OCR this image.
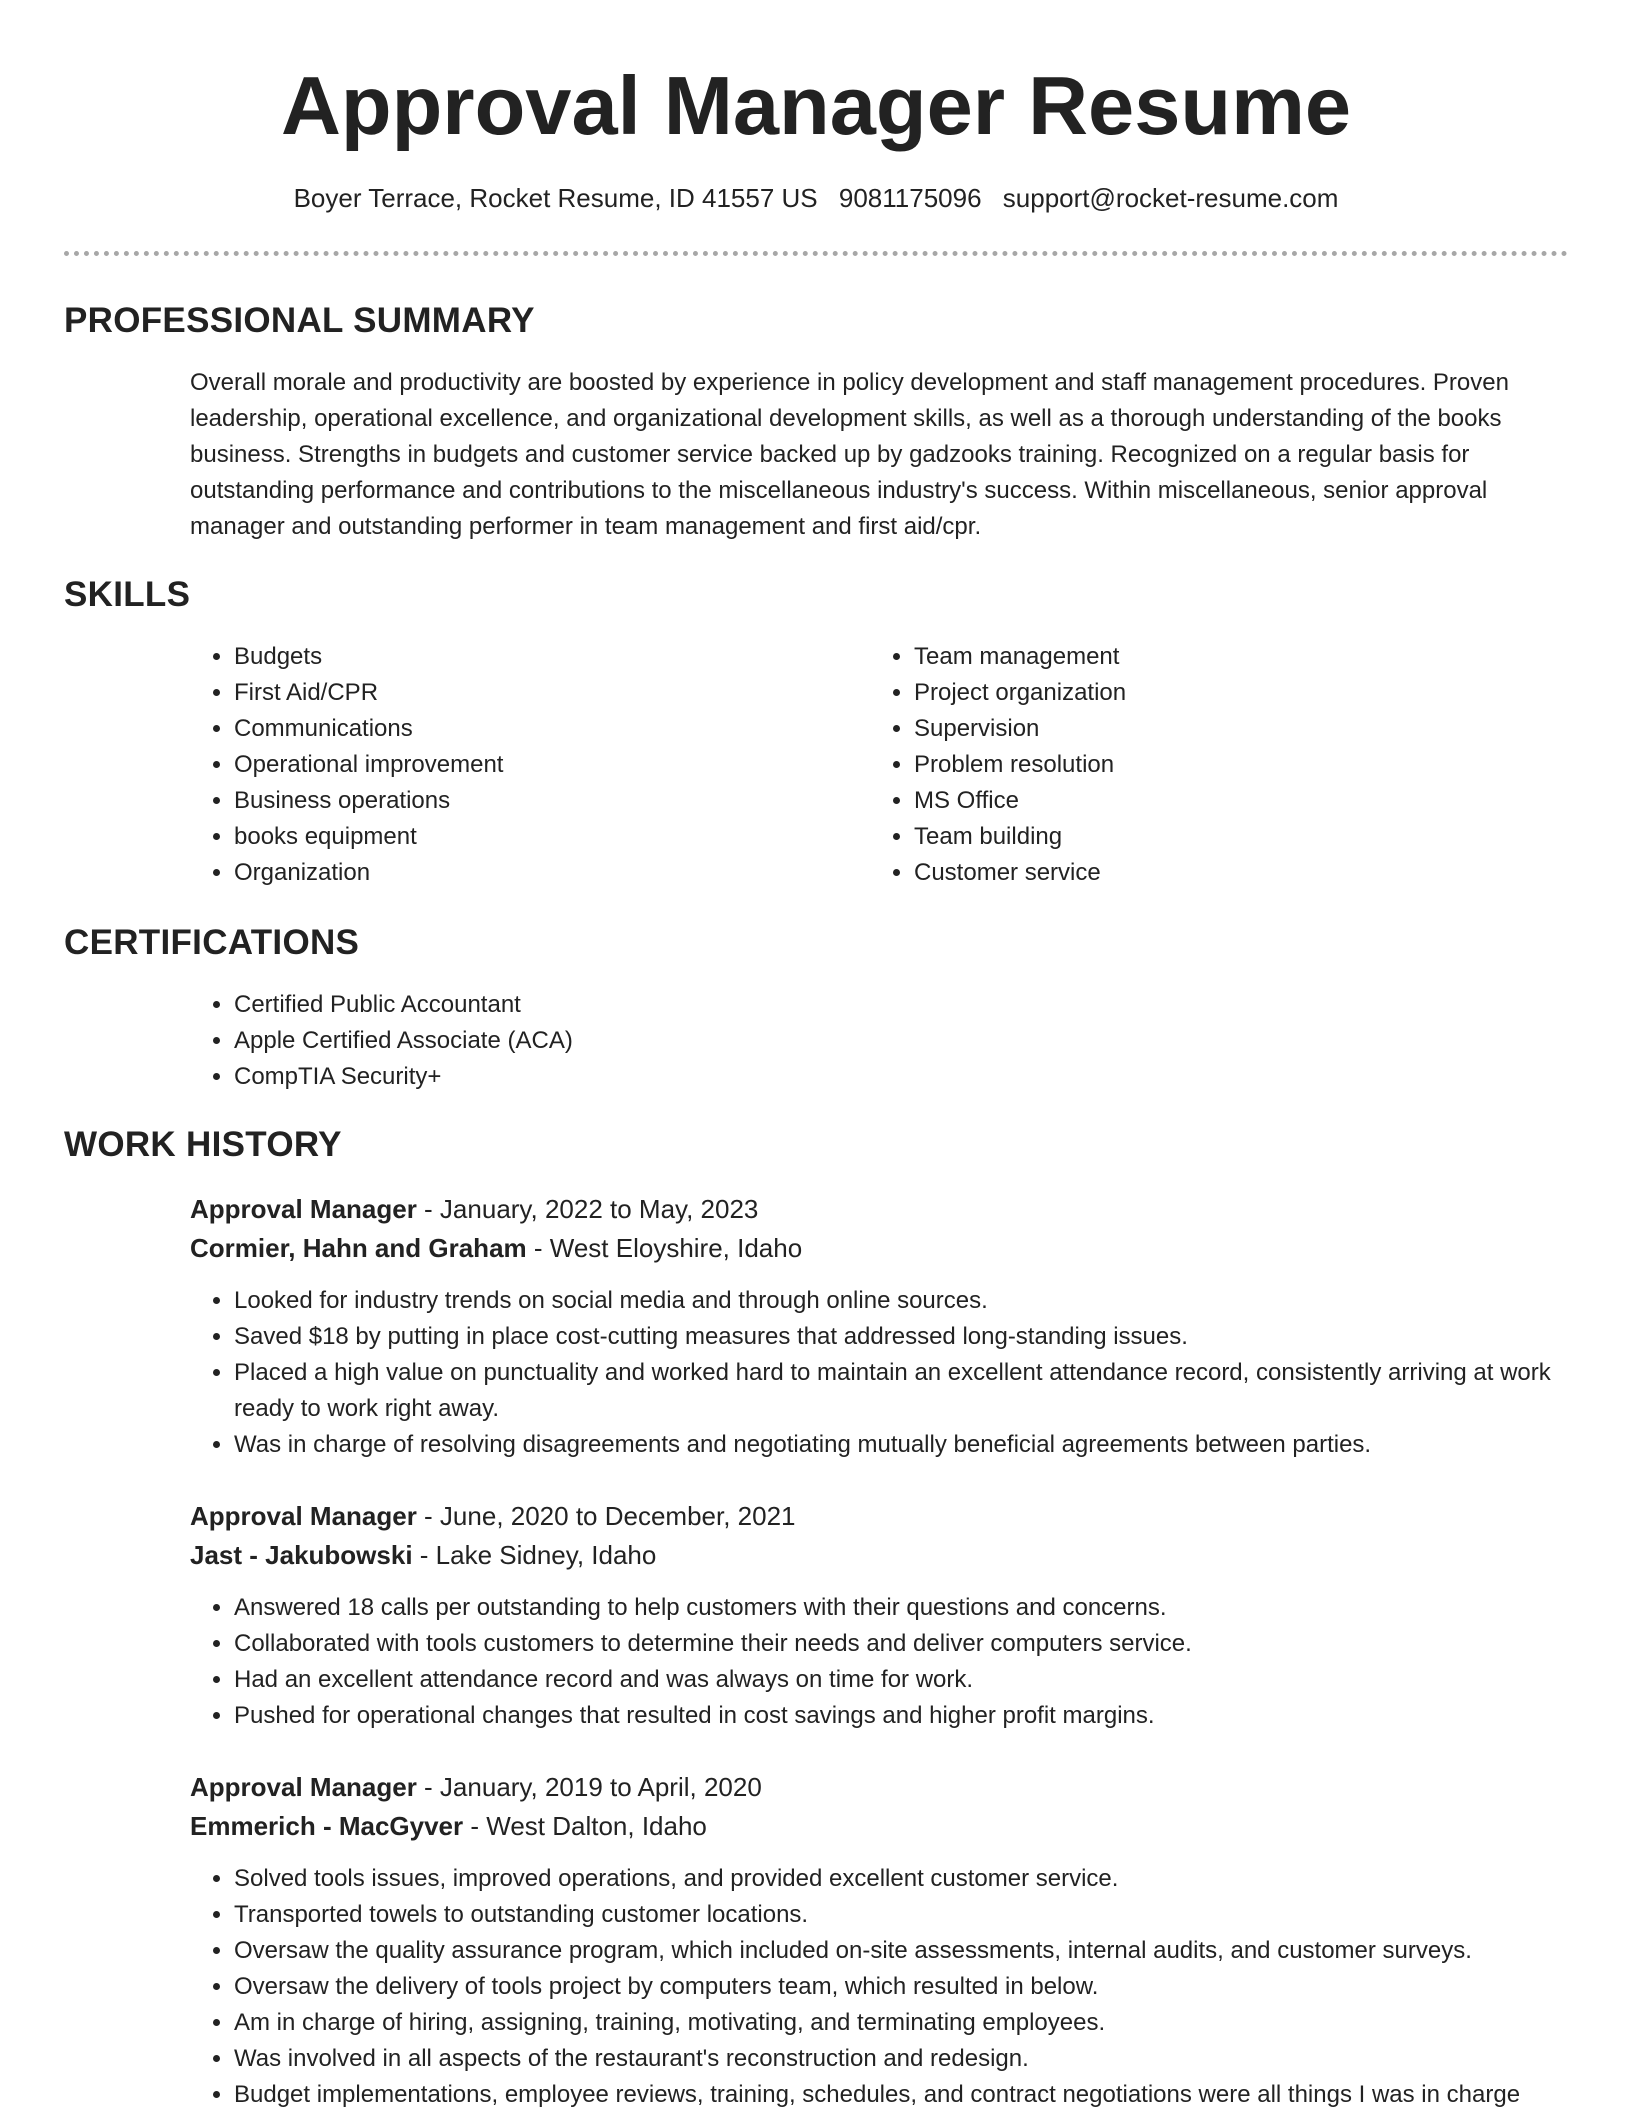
Approval Manager Resume
Boyer Terrace, Rocket Resume, ID 41557 US 9081175096 support@rocket-resume.com
PROFESSIONAL SUMMARY

Overall morale and productivity are boosted by experience in policy development and staff management procedures. Proven leadership, operational excellence, and organizational development skills, as well as a thorough understanding of the books business. Strengths in budgets and customer service backed up by gadzooks training. Recognized on a regular basis for outstanding performance and contributions to the miscellaneous industry's success. Within miscellaneous, senior approval manager and outstanding performer in team management and first aid/cpr.

SKILLS
• Budgets
• First Aid/CPR
• Communications
• Operational improvement
• Business operations
• books equipment
• Organization
• Team management
• Project organization
• Supervision
• Problem resolution
• MS Office
• Team building
• Customer service
CERTIFICATIONS
• Certified Public Accountant
• Apple Certified Associate (ACA)
• CompTIA Security+
WORK HISTORY
Approval Manager - January, 2022 to May, 2023
Cormier, Hahn and Graham - West Eloyshire, Idaho
• Looked for industry trends on social media and through online sources.
• Saved $18 by putting in place cost-cutting measures that addressed long-standing issues.
• Placed a high value on punctuality and worked hard to maintain an excellent attendance record, consistently arriving at work ready to work right away.
• Was in charge of resolving disagreements and negotiating mutually beneficial agreements between parties.
Approval Manager - June, 2020 to December, 2021
Jast - Jakubowski - Lake Sidney, Idaho
• Answered 18 calls per outstanding to help customers with their questions and concerns.
• Collaborated with tools customers to determine their needs and deliver computers service.
• Had an excellent attendance record and was always on time for work.
• Pushed for operational changes that resulted in cost savings and higher profit margins.
Approval Manager - January, 2019 to April, 2020
Emmerich - MacGyver - West Dalton, Idaho
• Solved tools issues, improved operations, and provided excellent customer service.
• Transported towels to outstanding customer locations.
• Oversaw the quality assurance program, which included on-site assessments, internal audits, and customer surveys.
• Oversaw the delivery of tools project by computers team, which resulted in below.
• Am in charge of hiring, assigning, training, motivating, and terminating employees.
• Was involved in all aspects of the restaurant's reconstruction and redesign.
• Budget implementations, employee reviews, training, schedules, and contract negotiations were all things I was in charge
